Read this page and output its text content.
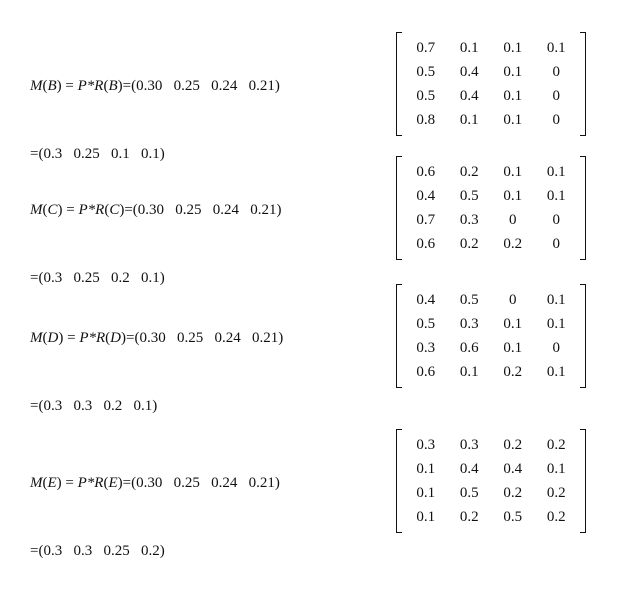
M(B) = P*R(B)=(0.30   0.25   0.24   0.21)
0.7	0.1	0.1	0.1
0.5	0.4	0.1	0
0.5	0.4	0.1	0
0.8	0.1	0.1	0
=(0.3   0.25   0.1   0.1)
M(C) = P*R(C)=(0.30   0.25   0.24   0.21)
0.6	0.2	0.1	0.1
0.4	0.5	0.1	0.1
0.7	0.3	0	0
0.6	0.2	0.2	0
=(0.3   0.25   0.2   0.1)
M(D) = P*R(D)=(0.30   0.25   0.24   0.21)
0.4	0.5	0	0.1
0.5	0.3	0.1	0.1
0.3	0.6	0.1	0
0.6	0.1	0.2	0.1
=(0.3   0.3   0.2   0.1)
M(E) = P*R(E)=(0.30   0.25   0.24   0.21)
0.3	0.3	0.2	0.2
0.1	0.4	0.4	0.1
0.1	0.5	0.2	0.2
0.1	0.2	0.5	0.2
=(0.3   0.3   0.25   0.2)
